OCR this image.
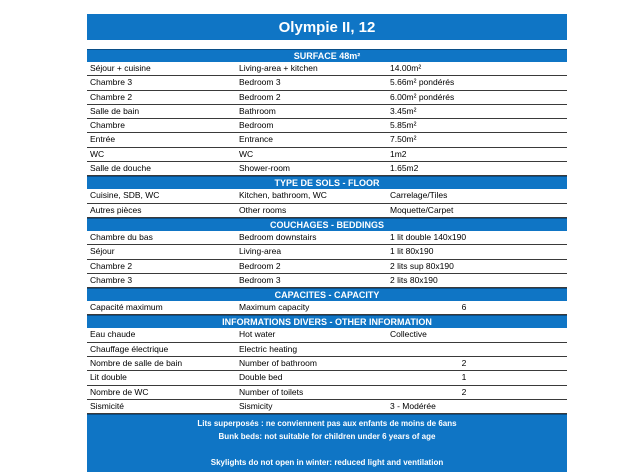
Olympie II, 12
SURFACE 48m²
Séjour + cuisine	Living-area + kitchen	14.00m²
Chambre 3	Bedroom 3	5.66m² pondérés
Chambre 2	Bedroom 2	6.00m² pondérés
Salle de bain	Bathroom	3.45m²
Chambre	Bedroom	5.85m²
Entrée	Entrance	7.50m²
WC	WC	1m2
Salle de douche	Shower-room	1.65m2
TYPE DE SOLS - FLOOR
Cuisine, SDB, WC	Kitchen, bathroom, WC	Carrelage/Tiles
Autres pièces	Other rooms	Moquette/Carpet
COUCHAGES - BEDDINGS
Chambre du bas	Bedroom downstairs	1 lit double 140x190
Séjour	Living-area	1 lit 80x190
Chambre 2	Bedroom 2	2 lits sup 80x190
Chambre 3	Bedroom 3	2 lits 80x190
CAPACITES - CAPACITY
Capacité maximum	Maximum capacity	6
INFORMATIONS DIVERS - OTHER INFORMATION
Eau chaude	Hot water	Collective
Chauffage électrique	Electric heating
Nombre de salle de bain	Number of bathroom	2
Lit double	Double bed	1
Nombre de WC	Number of toilets	2
Sismicité	Sismicity	3 - Modérée
Lits superposés : ne conviennent pas aux enfants de moins de 6ans
Bunk beds: not suitable for children under 6 years of age
Skylights do not open in winter: reduced light and ventilation
